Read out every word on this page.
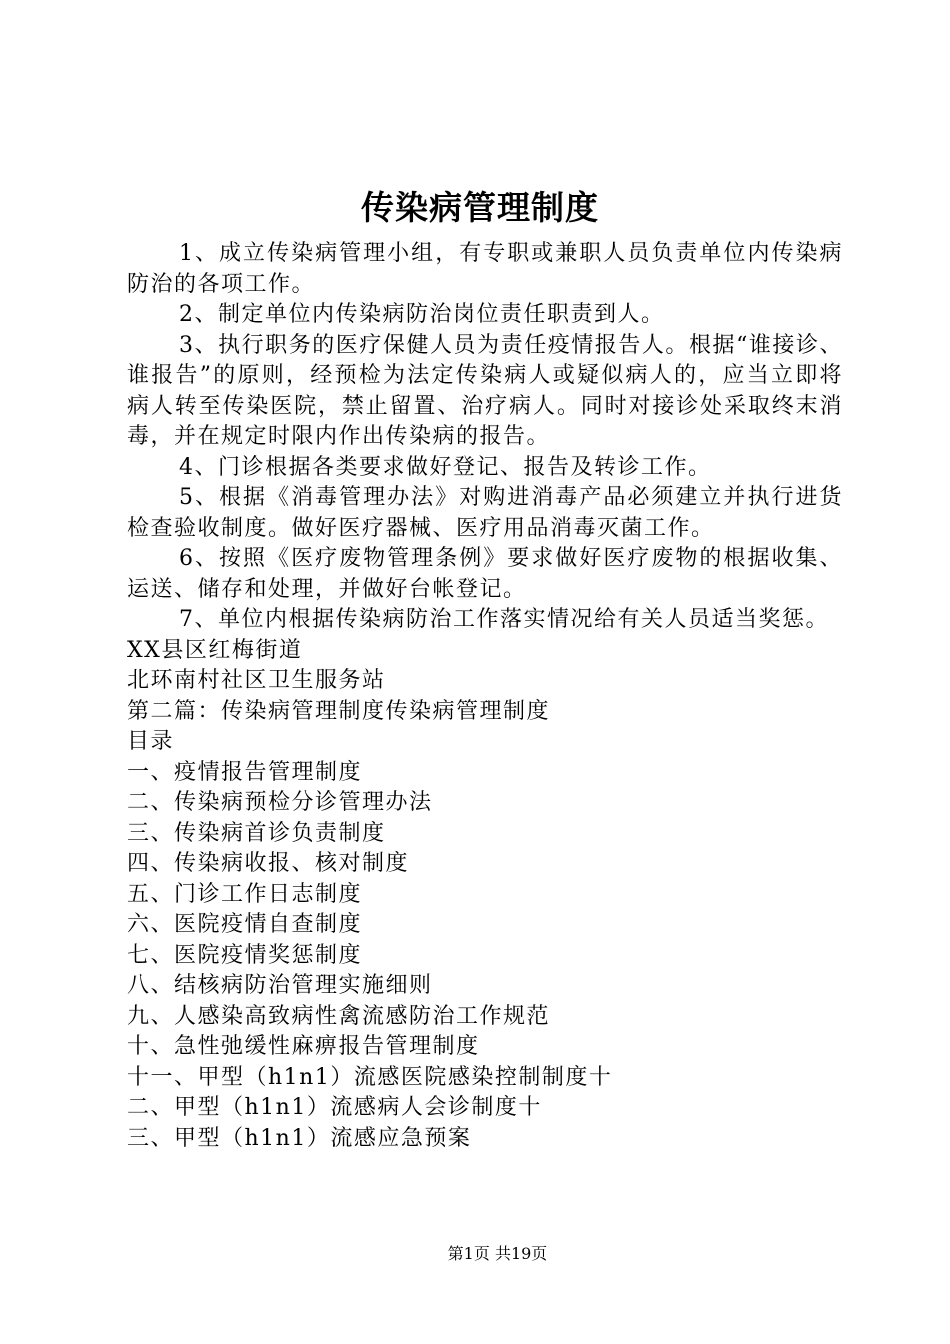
传染病管理制度

1、成立传染病管理小组，有专职或兼职人员负责单位内传染病防治的各项工作。

2、制定单位内传染病防治岗位责任职责到人。

3、执行职务的医疗保健人员为责任疫情报告人。根据“谁接诊、谁报告”的原则，经预检为法定传染病人或疑似病人的，应当立即将病人转至传染医院，禁止留置、治疗病人。同时对接诊处采取终末消毒，并在规定时限内作出传染病的报告。

4、门诊根据各类要求做好登记、报告及转诊工作。

5、根据《消毒管理办法》对购进消毒产品必须建立并执行进货检查验收制度。做好医疗器械、医疗用品消毒灭菌工作。

6、按照《医疗废物管理条例》要求做好医疗废物的根据收集、运送、储存和处理，并做好台帐登记。

7、单位内根据传染病防治工作落实情况给有关人员适当奖惩。

XX县区红梅街道

北环南村社区卫生服务站

第二篇：传染病管理制度传染病管理制度

目录

一、疫情报告管理制度

二、传染病预检分诊管理办法

三、传染病首诊负责制度

四、传染病收报、核对制度

五、门诊工作日志制度

六、医院疫情自查制度

七、医院疫情奖惩制度

八、结核病防治管理实施细则

九、人感染高致病性禽流感防治工作规范

十、急性弛缓性麻痹报告管理制度

十一、甲型（h1n1）流感医院感染控制制度十

二、甲型（h1n1）流感病人会诊制度十

三、甲型（h1n1）流感应急预案

第1页 共19页
